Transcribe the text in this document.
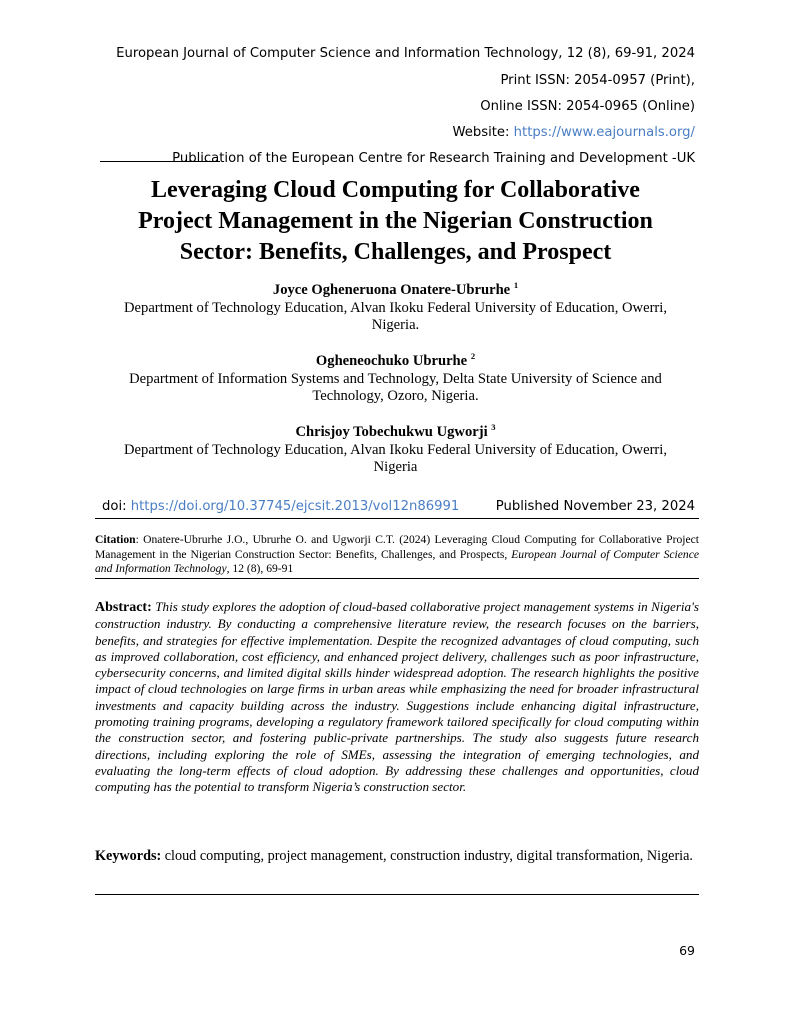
European Journal of Computer Science and Information Technology, 12 (8), 69-91, 2024
Print ISSN: 2054-0957 (Print),
Online ISSN: 2054-0965 (Online)
Website: https://www.eajournals.org/
Publication of the European Centre for Research Training and Development -UK
Leveraging Cloud Computing for Collaborative
Project Management in the Nigerian Construction
Sector: Benefits, Challenges, and Prospect
Joyce Ogheneruona Onatere-Ubrurhe $^1$
Department of Technology Education, Alvan Ikoku Federal University of Education, Owerri,
Nigeria.
Ogheneochuko Ubrurhe $^2$
Department of Information Systems and Technology, Delta State University of Science and
Technology, Ozoro, Nigeria.
Chrisjoy Tobechukwu Ugworji $^3$
Department of Technology Education, Alvan Ikoku Federal University of Education, Owerri,
Nigeria
doi: https://doi.org/10.37745/ejcsit.2013/vol12n86991	Published November 23, 2024
Citation: Onatere-Ubrurhe J.O., Ubrurhe O. and Ugworji C.T. (2024) Leveraging Cloud Computing for Collaborative Project Management in the Nigerian Construction Sector: Benefits, Challenges, and Prospects, European Journal of Computer Science and Information Technology, 12 (8), 69-91
Abstract: This study explores the adoption of cloud-based collaborative project management systems in Nigeria's construction industry. By conducting a comprehensive literature review, the research focuses on the barriers, benefits, and strategies for effective implementation. Despite the recognized advantages of cloud computing, such as improved collaboration, cost efficiency, and enhanced project delivery, challenges such as poor infrastructure, cybersecurity concerns, and limited digital skills hinder widespread adoption. The research highlights the positive impact of cloud technologies on large firms in urban areas while emphasizing the need for broader infrastructural investments and capacity building across the industry. Suggestions include enhancing digital infrastructure, promoting training programs, developing a regulatory framework tailored specifically for cloud computing within the construction sector, and fostering public-private partnerships. The study also suggests future research directions, including exploring the role of SMEs, assessing the integration of emerging technologies, and evaluating the long-term effects of cloud adoption. By addressing these challenges and opportunities, cloud computing has the potential to transform Nigeria’s construction sector.
Keywords: cloud computing, project management, construction industry, digital transformation, Nigeria.
69
